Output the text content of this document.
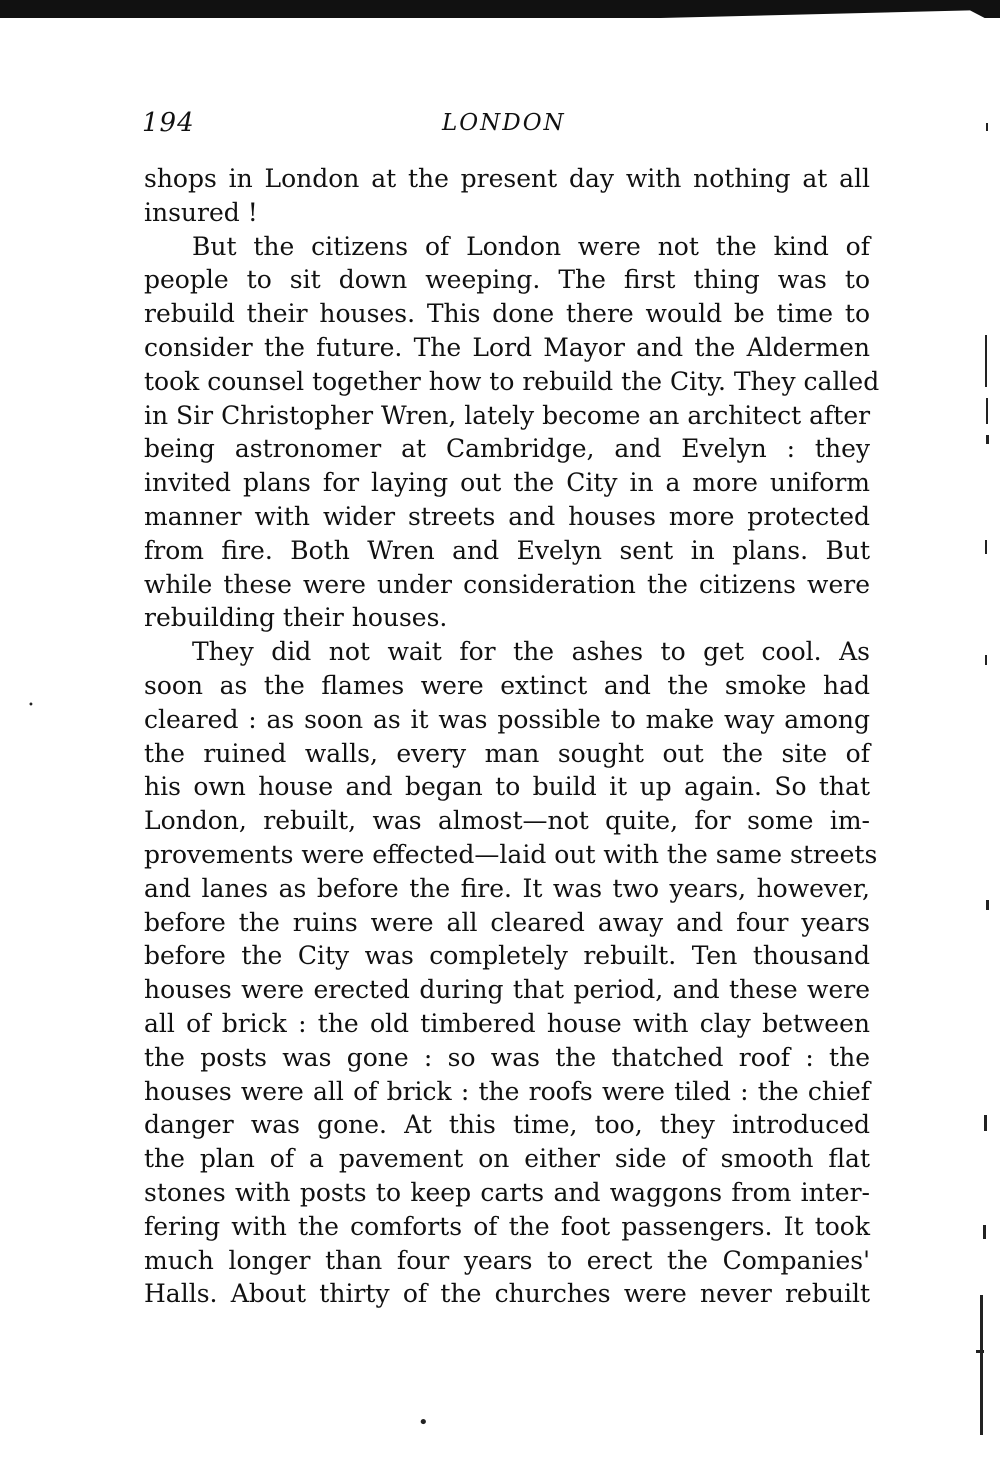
194	LONDON
shops in London at the present day with nothing at all
insured !
But the citizens of London were not the kind of
people to sit down weeping. The first thing was to
rebuild their houses. This done there would be time to
consider the future. The Lord Mayor and the Aldermen
took counsel together how to rebuild the City. They called
in Sir Christopher Wren, lately become an architect after
being astronomer at Cambridge, and Evelyn : they
invited plans for laying out the City in a more uniform
manner with wider streets and houses more protected
from fire. Both Wren and Evelyn sent in plans. But
while these were under consideration the citizens were
rebuilding their houses.
They did not wait for the ashes to get cool. As
soon as the flames were extinct and the smoke had
cleared : as soon as it was possible to make way among
the ruined walls, every man sought out the site of
his own house and began to build it up again. So that
London, rebuilt, was almost—not quite, for some im-
provements were effected—laid out with the same streets
and lanes as before the fire. It was two years, however,
before the ruins were all cleared away and four years
before the City was completely rebuilt. Ten thousand
houses were erected during that period, and these were
all of brick : the old timbered house with clay between
the posts was gone : so was the thatched roof : the
houses were all of brick : the roofs were tiled : the chief
danger was gone. At this time, too, they introduced
the plan of a pavement on either side of smooth flat
stones with posts to keep carts and waggons from inter-
fering with the comforts of the foot passengers. It took
much longer than four years to erect the Companies'
Halls. About thirty of the churches were never rebuilt
•
•
